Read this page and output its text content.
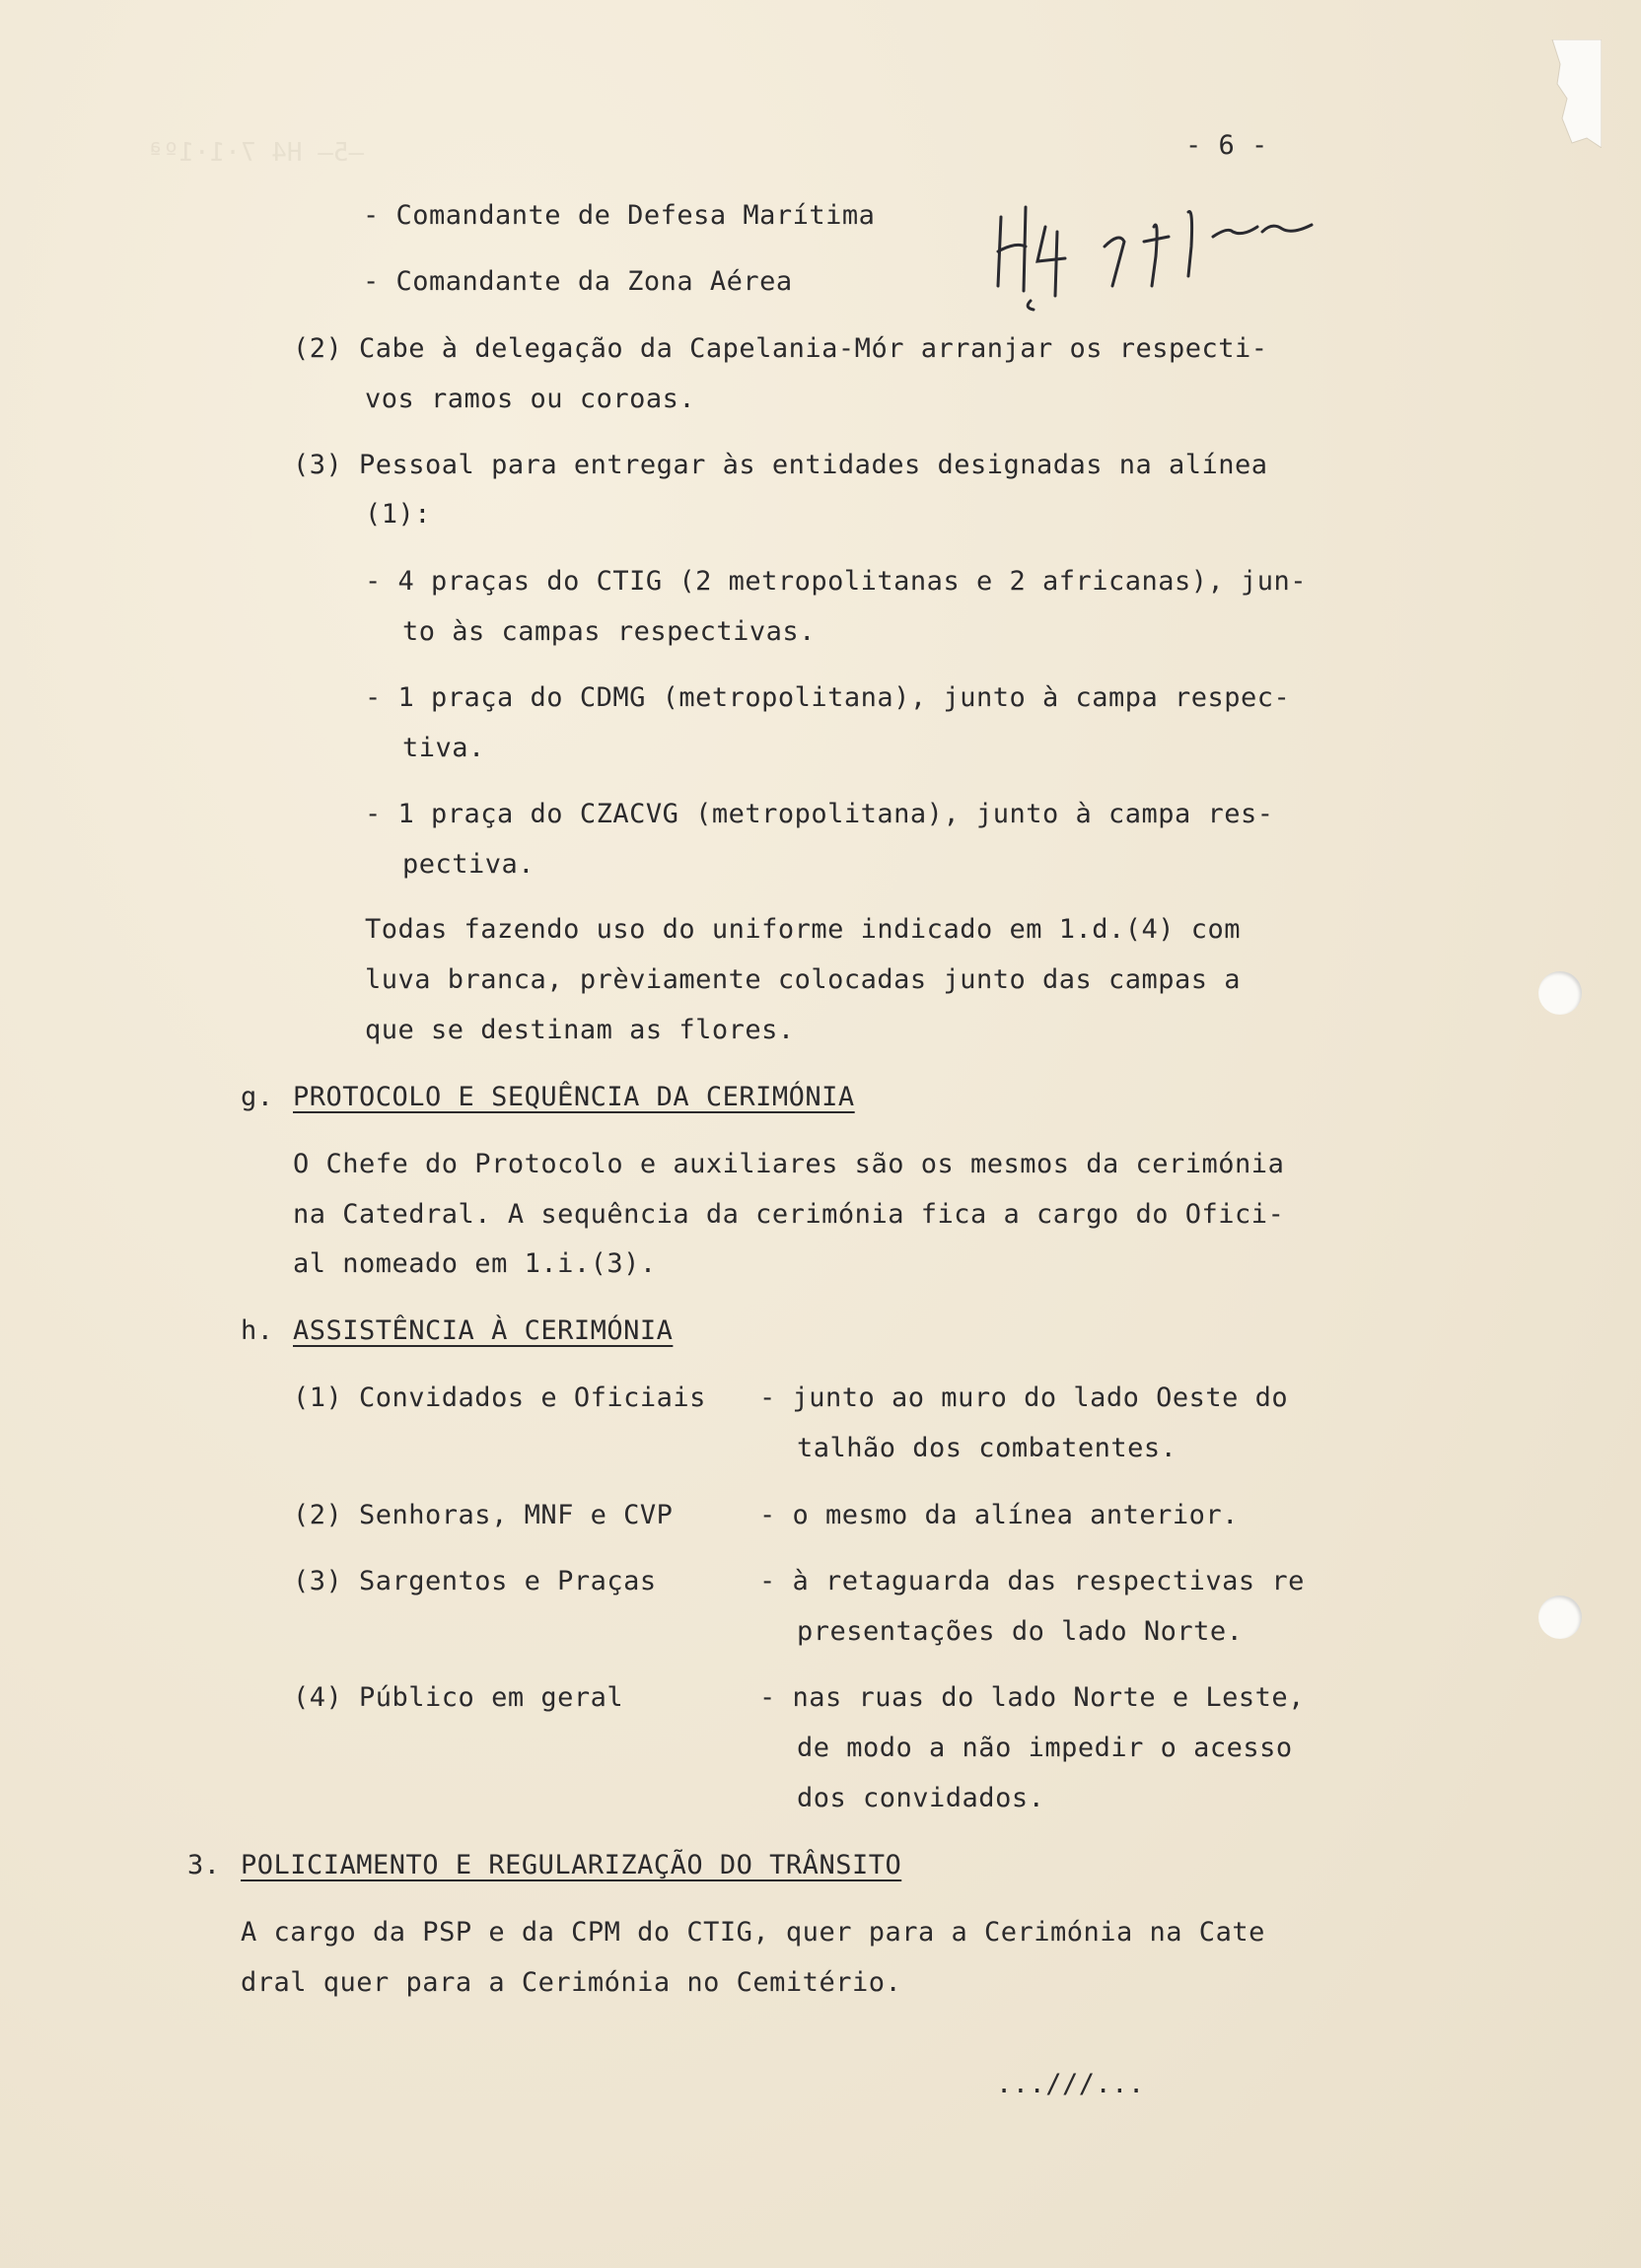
—5— H4 7·1·1ºª	- 6 -
- Comandante de Defesa Marítima
- Comandante da Zona Aérea
(2) Cabe à delegação da Capelania-Mór arranjar os respecti-
vos ramos ou coroas.
(3) Pessoal para entregar às entidades designadas na alínea
(1):
- 4 praças do CTIG (2 metropolitanas e 2 africanas), jun-
to às campas respectivas.
- 1 praça do CDMG (metropolitana), junto à campa respec-
tiva.
- 1 praça do CZACVG (metropolitana), junto à campa res-
pectiva.
Todas fazendo uso do uniforme indicado em 1.d.(4) com
luva branca, prèviamente colocadas junto das campas a
que se destinam as flores.
g. PROTOCOLO E SEQUÊNCIA DA CERIMÓNIA
O Chefe do Protocolo e auxiliares são os mesmos da cerimónia
na Catedral. A sequência da cerimónia fica a cargo do Ofici-
al nomeado em 1.i.(3).
h. ASSISTÊNCIA À CERIMÓNIA
(1) Convidados e Oficiais - junto ao muro do lado Oeste do
talhão dos combatentes.
(2) Senhoras, MNF e CVP	- o mesmo da alínea anterior.
(3) Sargentos e Praças	- à retaguarda das respectivas re
presentações do lado Norte.
(4) Público em geral	- nas ruas do lado Norte e Leste,
de modo a não impedir o acesso
dos convidados.
3. POLICIAMENTO E REGULARIZAÇÃO DO TRÂNSITO
A cargo da PSP e da CPM do CTIG, quer para a Cerimónia na Cate
dral quer para a Cerimónia no Cemitério.
...///...
